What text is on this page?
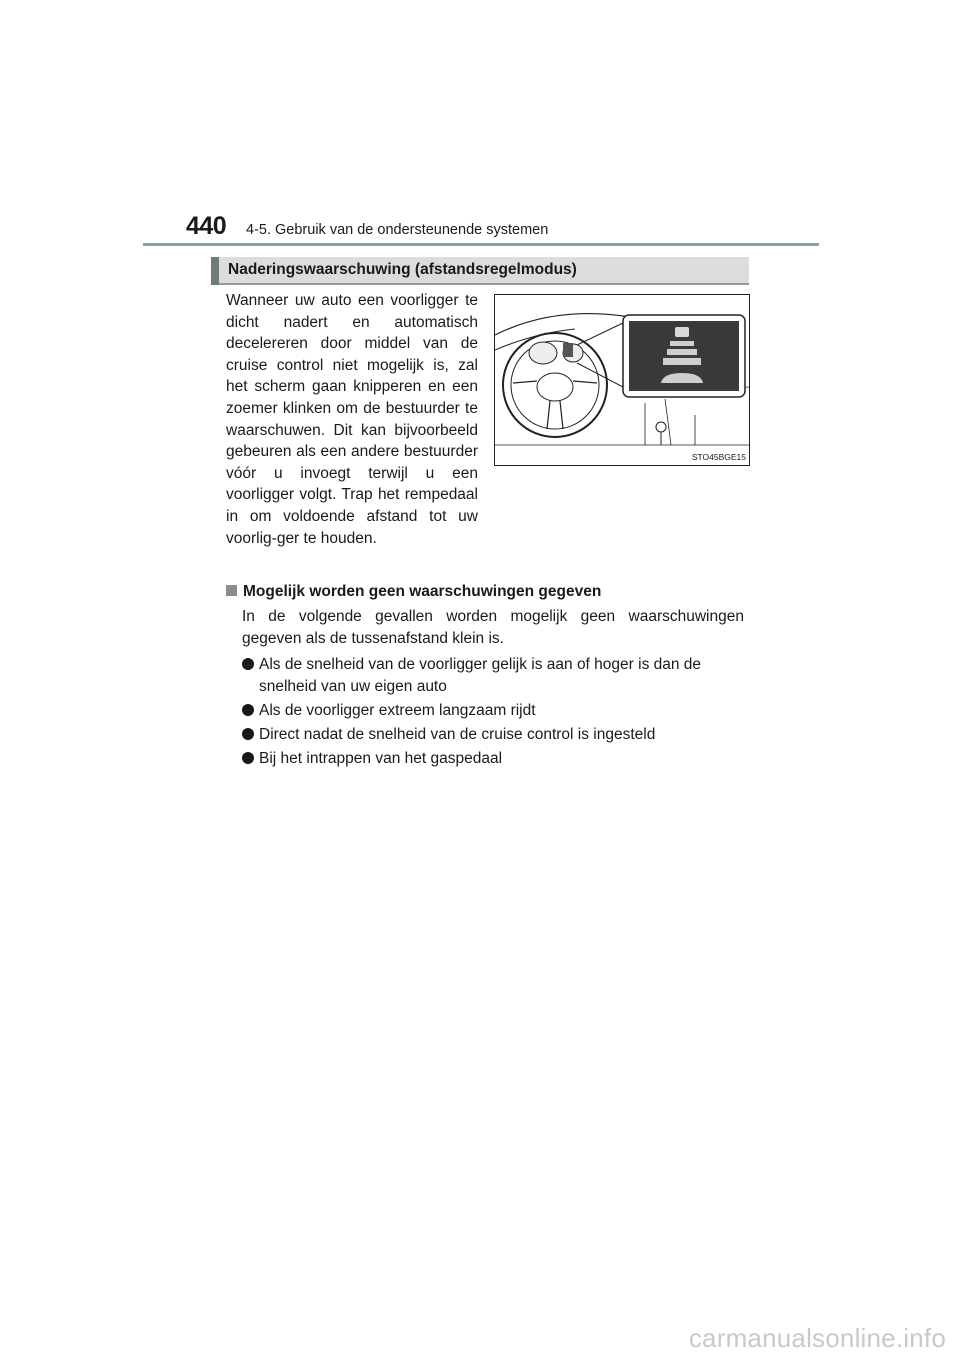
440 4-5. Gebruik van de ondersteunende systemen
Naderingswaarschuwing (afstandsregelmodus)
Wanneer uw auto een voorligger te dicht nadert en automatisch decelereren door middel van de cruise control niet mogelijk is, zal het scherm gaan knipperen en een zoemer klinken om de bestuurder te waarschuwen. Dit kan bijvoorbeeld gebeuren als een andere bestuurder vóór u invoegt terwijl u een voorligger volgt. Trap het rempedaal in om voldoende afstand tot uw voorlig-ger te houden.
STO45BGE15
Mogelijk worden geen waarschuwingen gegeven
In de volgende gevallen worden mogelijk geen waarschuwingen gegeven als de tussenafstand klein is.
Als de snelheid van de voorligger gelijk is aan of hoger is dan de snelheid van uw eigen auto
Als de voorligger extreem langzaam rijdt
Direct nadat de snelheid van de cruise control is ingesteld
Bij het intrappen van het gaspedaal
carmanualsonline.info
